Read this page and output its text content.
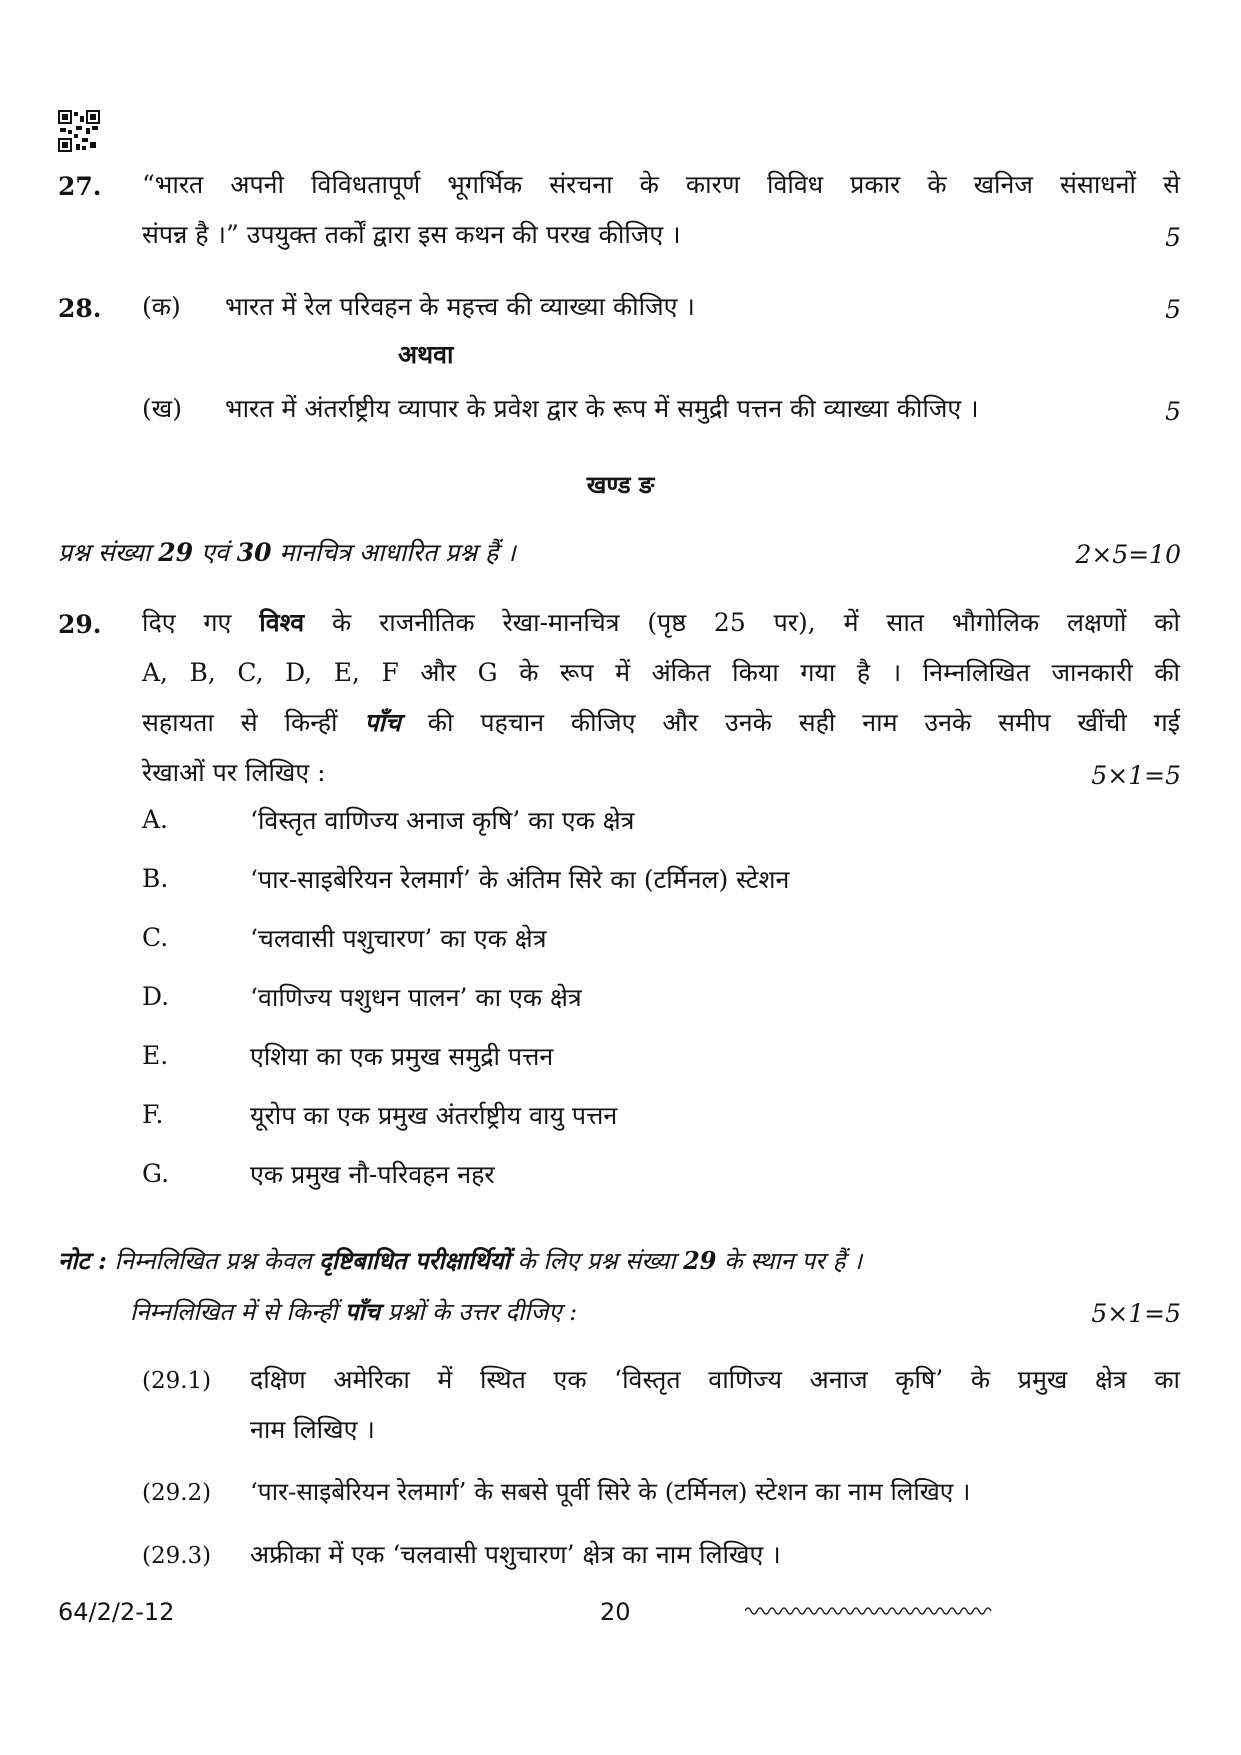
27. “भारत अपनी विविधतापूर्ण भूगर्भिक संरचना के कारण विविध प्रकार के खनिज संसाधनों से
संपन्न है ।” उपयुक्त तर्कों द्वारा इस कथन की परख कीजिए ।	5
28. (क) भारत में रेल परिवहन के महत्त्व की व्याख्या कीजिए ।	5
अथवा
(ख) भारत में अंतर्राष्ट्रीय व्यापार के प्रवेश द्वार के रूप में समुद्री पत्तन की व्याख्या कीजिए ।	5
खण्ड ङ
प्रश्न संख्या 29 एवं 30 मानचित्र आधारित प्रश्न हैं ।	2×5=10
29. दिए गए विश्व के राजनीतिक रेखा-मानचित्र (पृष्ठ 25 पर), में सात भौगोलिक लक्षणों को
A, B, C, D, E, F और G के रूप में अंकित किया गया है । निम्नलिखित जानकारी की
सहायता से किन्हीं पाँच की पहचान कीजिए और उनके सही नाम उनके समीप खींची गई
रेखाओं पर लिखिए :	5×1=5
A.	‘विस्तृत वाणिज्य अनाज कृषि’ का एक क्षेत्र
B.	‘पार-साइबेरियन रेलमार्ग’ के अंतिम सिरे का (टर्मिनल) स्टेशन
C.	‘चलवासी पशुचारण’ का एक क्षेत्र
D.	‘वाणिज्य पशुधन पालन’ का एक क्षेत्र
E.	एशिया का एक प्रमुख समुद्री पत्तन
F.	यूरोप का एक प्रमुख अंतर्राष्ट्रीय वायु पत्तन
G.	एक प्रमुख नौ-परिवहन नहर
नोट : निम्नलिखित प्रश्न केवल दृष्टिबाधित परीक्षार्थियों के लिए प्रश्न संख्या 29 के स्थान पर हैं ।
निम्नलिखित में से किन्हीं पाँच प्रश्नों के उत्तर दीजिए :	5×1=5
(29.1) दक्षिण अमेरिका में स्थित एक ‘विस्तृत वाणिज्य अनाज कृषि’ के प्रमुख क्षेत्र का
नाम लिखिए ।
(29.2) ‘पार-साइबेरियन रेलमार्ग’ के सबसे पूर्वी सिरे के (टर्मिनल) स्टेशन का नाम लिखिए ।
(29.3) अफ्रीका में एक ‘चलवासी पशुचारण’ क्षेत्र का नाम लिखिए ।
64/2/2-12	20
